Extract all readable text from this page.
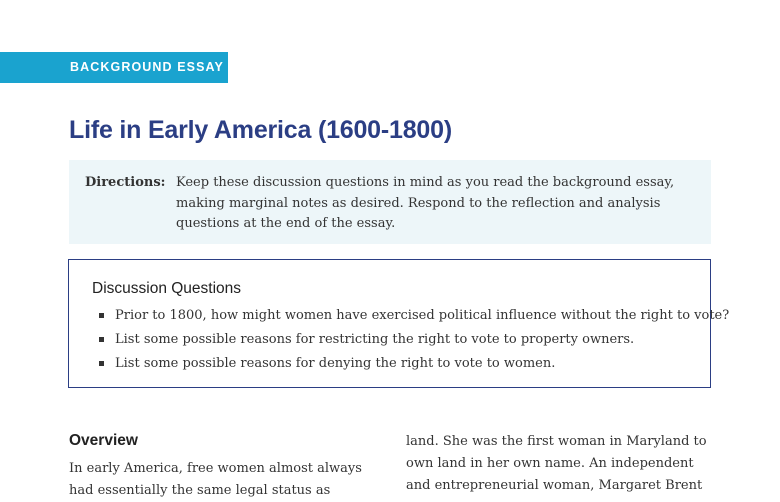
BACKGROUND ESSAY
Life in Early America (1600-1800)
Directions: Keep these discussion questions in mind as you read the background essay,
making marginal notes as desired. Respond to the reflection and analysis
questions at the end of the essay.
Discussion Questions
Prior to 1800, how might women have exercised political influence without the right to vote?
List some possible reasons for restricting the right to vote to property owners.
List some possible reasons for denying the right to vote to women.
Overview
In early America, free women almost always
had essentially the same legal status as
land. She was the first woman in Maryland to
own land in her own name. An independent
and entrepreneurial woman, Margaret Brent
